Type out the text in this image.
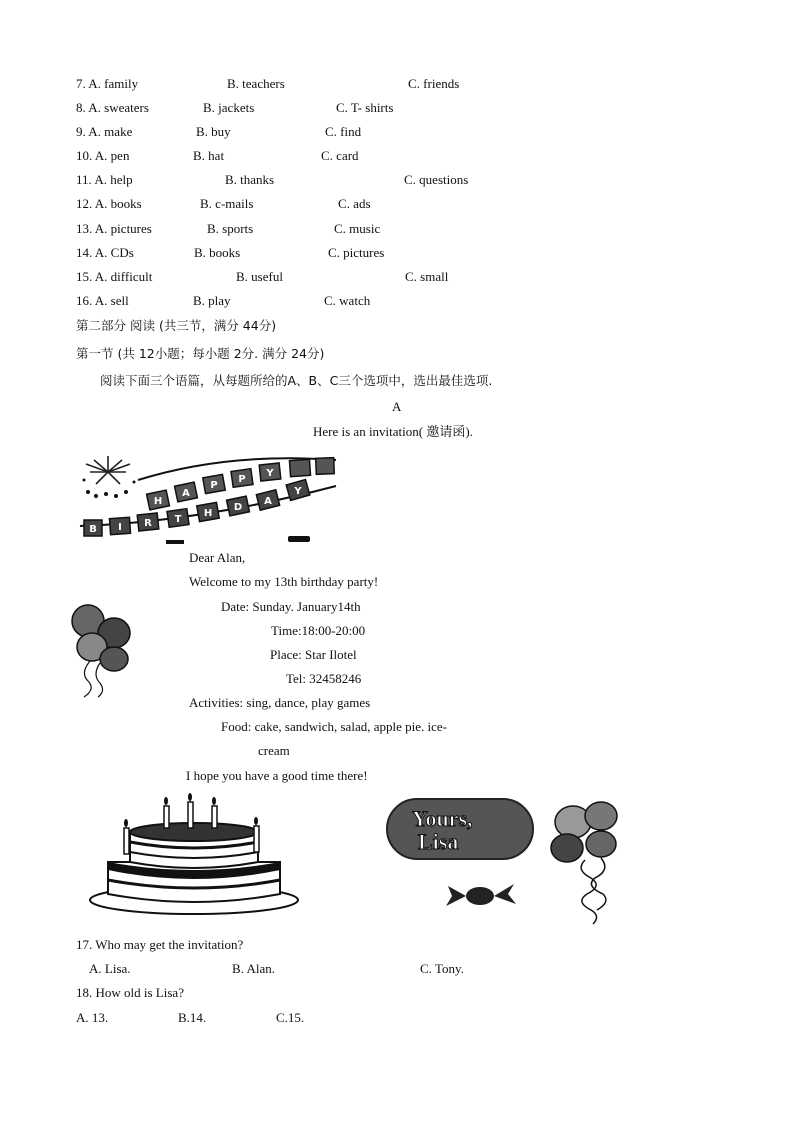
7. A. family	B. teachers	C. friends
8. A. sweaters	B. jackets	C. T- shirts
9. A. make	B. buy	C. find
10. A. pen	B. hat	C. card
11. A. help	B. thanks	C. questions
12. A. books	B. c-mails	C. ads
13. A. pictures	B. sports	C. music
14. A. CDs	B. books	C. pictures
15. A. difficult	B. useful	C. small
16. A. sell	B. play	C. watch
第二部分 阅读 (共三节，满分 44分)
第一节 (共 12小题；每小题 2分. 满分 24分)
阅读下面三个语篇，从每题所给的A、B、C三个选项中，选出最佳选项.
A
Here is an invitation( 邀请函).
H
A
P
P
Y
B I R T
H
D
A
Y
Dear Alan,
Welcome to my 13th birthday party!
Date: Sunday. January14th
Time:18:00-20:00
Place: Star Ilotel
Tel: 32458246
Activities: sing, dance, play games
Food: cake, sandwich, salad, apple pie. ice-
cream
I hope you have a good time there!
Yours,
Lisa
17. Who may get the invitation?
A. Lisa.	B. Alan.	C. Tony.
18. How old is Lisa?
A. 13.	B.14.	C.15.
